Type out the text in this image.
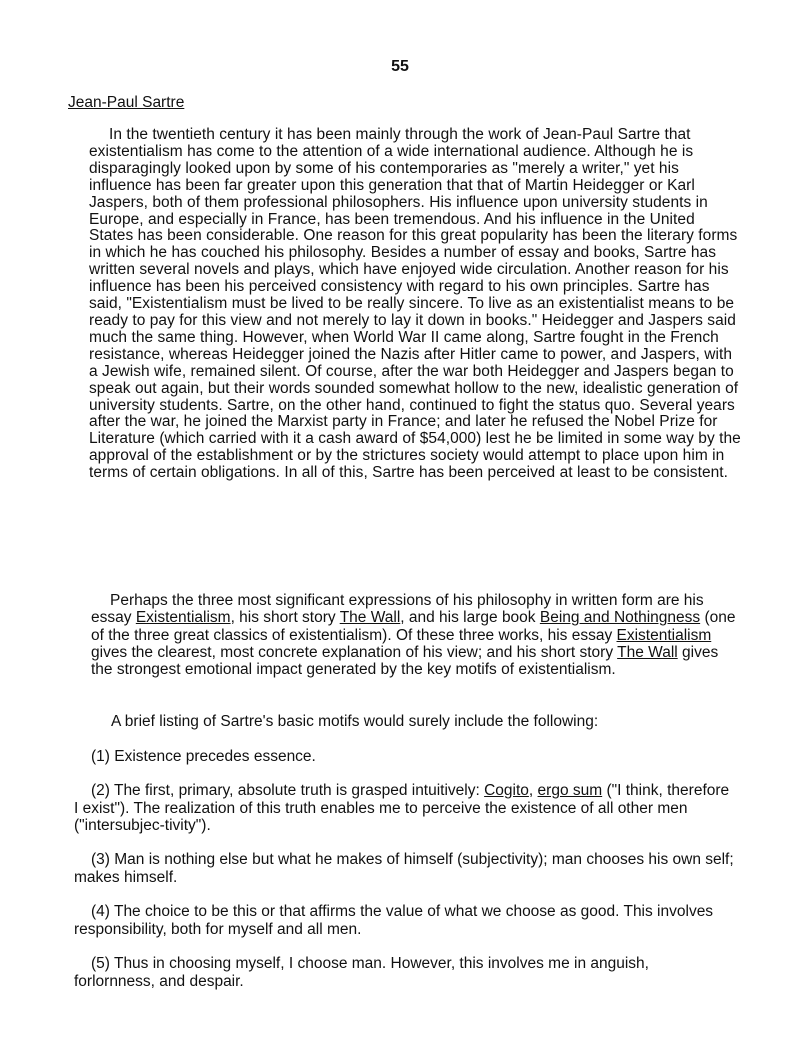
55
Jean-Paul Sartre

In the twentieth century it has been mainly through the work of Jean-Paul Sartre that existentialism has come to the attention of a wide international audience. Although he is disparagingly looked upon by some of his contemporaries as "merely a writer," yet his influence has been far greater upon this generation that that of Martin Heidegger or Karl Jaspers, both of them professional philosophers. His influence upon university students in Europe, and especially in France, has been tremendous. And his influence in the United States has been considerable. One reason for this great popularity has been the literary forms in which he has couched his philosophy. Besides a number of essay and books, Sartre has written several novels and plays, which have enjoyed wide circulation. Another reason for his influence has been his perceived consistency with regard to his own principles. Sartre has said, "Existentialism must be lived to be really sincere. To live as an existentialist means to be ready to pay for this view and not merely to lay it down in books." Heidegger and Jaspers said much the same thing. However, when World War II came along, Sartre fought in the French resistance, whereas Heidegger joined the Nazis after Hitler came to power, and Jaspers, with a Jewish wife, remained silent. Of course, after the war both Heidegger and Jaspers began to speak out again, but their words sounded somewhat hollow to the new, idealistic generation of university students. Sartre, on the other hand, continued to fight the status quo. Several years after the war, he joined the Marxist party in France; and later he refused the Nobel Prize for Literature (which carried with it a cash award of $54,000) lest he be limited in some way by the approval of the establishment or by the strictures society would attempt to place upon him in terms of certain obligations. In all of this, Sartre has been perceived at least to be consistent.

Perhaps the three most significant expressions of his philosophy in written form are his essay Existentialism, his short story The Wall, and his large book Being and Nothingness (one of the three great classics of existentialism). Of these three works, his essay Existentialism gives the clearest, most concrete explanation of his view; and his short story The Wall gives the strongest emotional impact generated by the key motifs of existentialism.

A brief listing of Sartre's basic motifs would surely include the following:

(1) Existence precedes essence.

(2) The first, primary, absolute truth is grasped intuitively: Cogito, ergo sum ("I think, therefore I exist"). The realization of this truth enables me to perceive the existence of all other men ("intersubjec-tivity").

(3) Man is nothing else but what he makes of himself (subjectivity); man chooses his own self; makes himself.

(4) The choice to be this or that affirms the value of what we choose as good. This involves responsibility, both for myself and all men.

(5) Thus in choosing myself, I choose man. However, this involves me in anguish, forlornness, and despair.
